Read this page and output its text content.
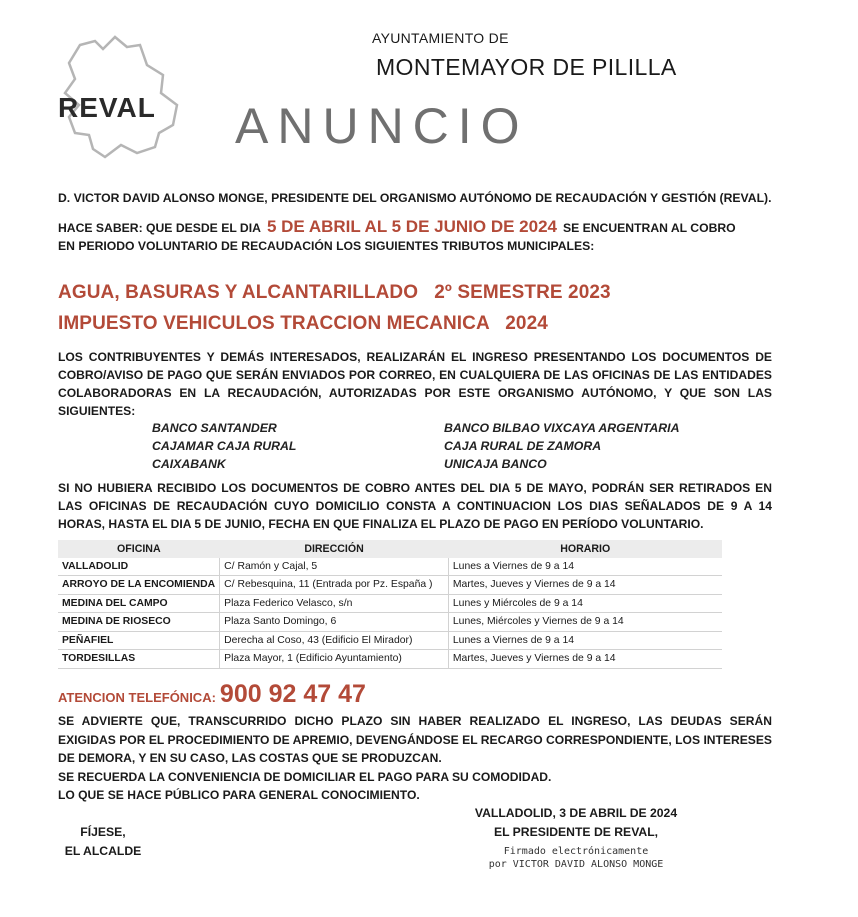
REVAL
AYUNTAMIENTO DE
MONTEMAYOR DE PILILLA
ANUNCIO
D. VICTOR DAVID ALONSO MONGE, PRESIDENTE DEL ORGANISMO AUTÓNOMO DE RECAUDACIÓN Y GESTIÓN (REVAL).
HACE SABER: QUE DESDE EL DIA 5 DE ABRIL AL 5 DE JUNIO DE 2024 SE ENCUENTRAN AL COBRO
EN PERIODO VOLUNTARIO DE RECAUDACIÓN LOS SIGUIENTES TRIBUTOS MUNICIPALES:
AGUA, BASURAS Y ALCANTARILLADO   2º SEMESTRE 2023
IMPUESTO VEHICULOS TRACCION MECANICA   2024
LOS CONTRIBUYENTES Y DEMÁS INTERESADOS, REALIZARÁN EL INGRESO PRESENTANDO LOS DOCUMENTOS DE COBRO/AVISO DE PAGO QUE SERÁN ENVIADOS POR CORREO, EN CUALQUIERA DE LAS OFICINAS DE LAS ENTIDADES COLABORADORAS EN LA RECAUDACIÓN, AUTORIZADAS POR ESTE ORGANISMO AUTÓNOMO, Y QUE SON LAS SIGUIENTES:
BANCO SANTANDER
CAJAMAR CAJA RURAL
CAIXABANK
BANCO BILBAO VIXCAYA ARGENTARIA
CAJA RURAL DE ZAMORA
UNICAJA BANCO
SI NO HUBIERA RECIBIDO LOS DOCUMENTOS DE COBRO ANTES DEL DIA 5 DE MAYO, PODRÁN SER RETIRADOS EN LAS OFICINAS DE RECAUDACIÓN CUYO DOMICILIO CONSTA A CONTINUACION LOS DIAS SEÑALADOS DE 9 A 14 HORAS, HASTA EL DIA 5 DE JUNIO, FECHA EN QUE FINALIZA EL PLAZO DE PAGO EN PERÍODO VOLUNTARIO.
OFICINA	DIRECCIÓN	HORARIO
VALLADOLID	C/ Ramón y Cajal, 5	Lunes a Viernes de 9 a 14
ARROYO DE LA ENCOMIENDA	C/ Rebesquina, 11 (Entrada por Pz. España )	Martes, Jueves y Viernes de 9 a 14
MEDINA DEL CAMPO	Plaza Federico Velasco, s/n	Lunes y Miércoles de 9 a 14
MEDINA DE RIOSECO	Plaza Santo Domingo, 6	Lunes, Miércoles y Viernes de 9 a 14
PEÑAFIEL	Derecha al Coso, 43 (Edificio El Mirador)	Lunes a Viernes de 9 a 14
TORDESILLAS	Plaza Mayor, 1 (Edificio Ayuntamiento)	Martes, Jueves y Viernes de 9 a 14
ATENCION TELEFÓNICA: 900 92 47 47
SE ADVIERTE QUE, TRANSCURRIDO DICHO PLAZO SIN HABER REALIZADO EL INGRESO, LAS DEUDAS SERÁN EXIGIDAS POR EL PROCEDIMIENTO DE APREMIO, DEVENGÁNDOSE EL RECARGO CORRESPONDIENTE, LOS INTERESES DE DEMORA, Y EN SU CASO, LAS COSTAS QUE SE PRODUZCAN.
SE RECUERDA LA CONVENIENCIA DE DOMICILIAR EL PAGO PARA SU COMODIDAD.
LO QUE SE HACE PÚBLICO PARA GENERAL CONOCIMIENTO.
VALLADOLID, 3 DE ABRIL DE 2024
EL PRESIDENTE DE REVAL,
Firmado electrónicamente
por VICTOR DAVID ALONSO MONGE
FÍJESE,
EL ALCALDE
